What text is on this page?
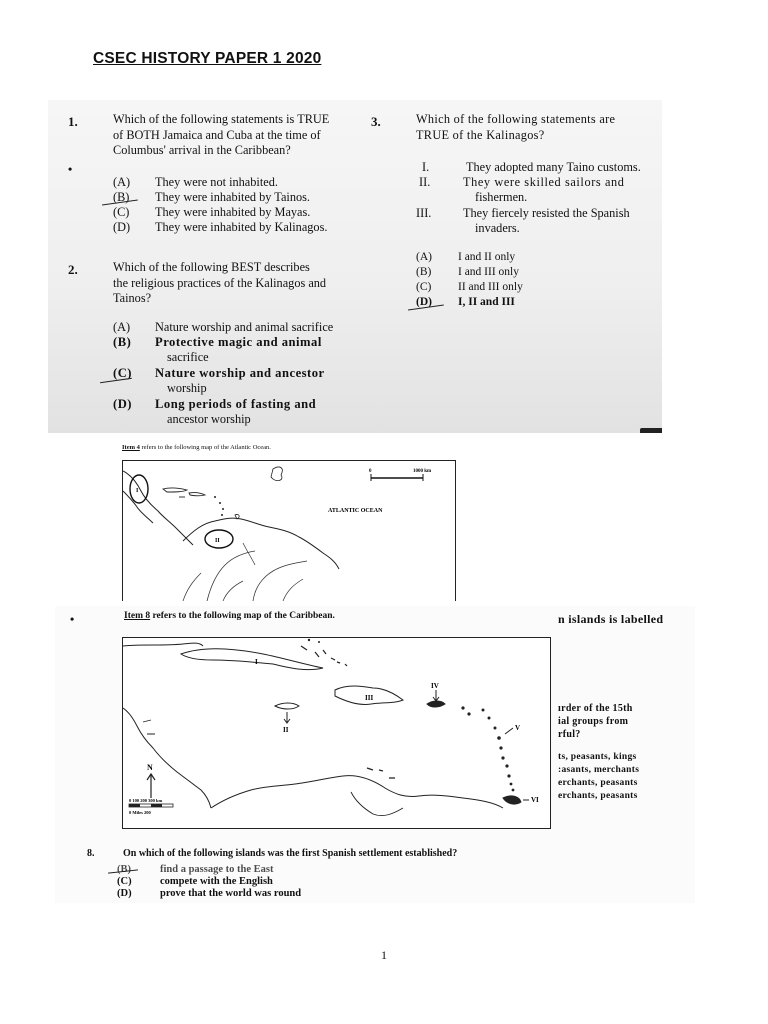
CSEC HISTORY PAPER 1 2020
1.	Which of the following statements is TRUE
of BOTH Jamaica and Cuba at the time of
Columbus' arrival in the Caribbean?
•
(A) They were not inhabited.
(B) They were inhabited by Tainos.
(C) They were inhabited by Mayas.
(D) They were inhabited by Kalinagos.
2.	Which of the following BEST describes
the religious practices of the Kalinagos and
Tainos?
(A) Nature worship and animal sacrifice
(B) Protective magic and animal
sacrifice
(C) Nature worship and ancestor
worship
(D) Long periods of fasting and
ancestor worship
3.	Which of the following statements are
TRUE of the Kalinagos?
I.	They adopted many Taino customs.
II.	They were skilled sailors and
fishermen.
III.	They fiercely resisted the Spanish
invaders.
(A) I and II only
(B) I and III only
(C) II and III only
(D) I, II and III
Item 4 refers to the following map of the Atlantic Ocean.
0	1000 km
ATLANTIC OCEAN
I
II
•	Item 8 refers to the following map of the Caribbean.	n islands is labelled
I
II
III
IV
V
VI
N
0 100 200 300 km
0 Miles 200
ırder of the 15th
ial groups from
rful?
ts, peasants, kings
:asants, merchants
erchants, peasants
erchants, peasants
8.	On which of the following islands was the first Spanish settlement established?
(B)	find a passage to the East
(C)	compete with the English
(D)	prove that the world was round
1
